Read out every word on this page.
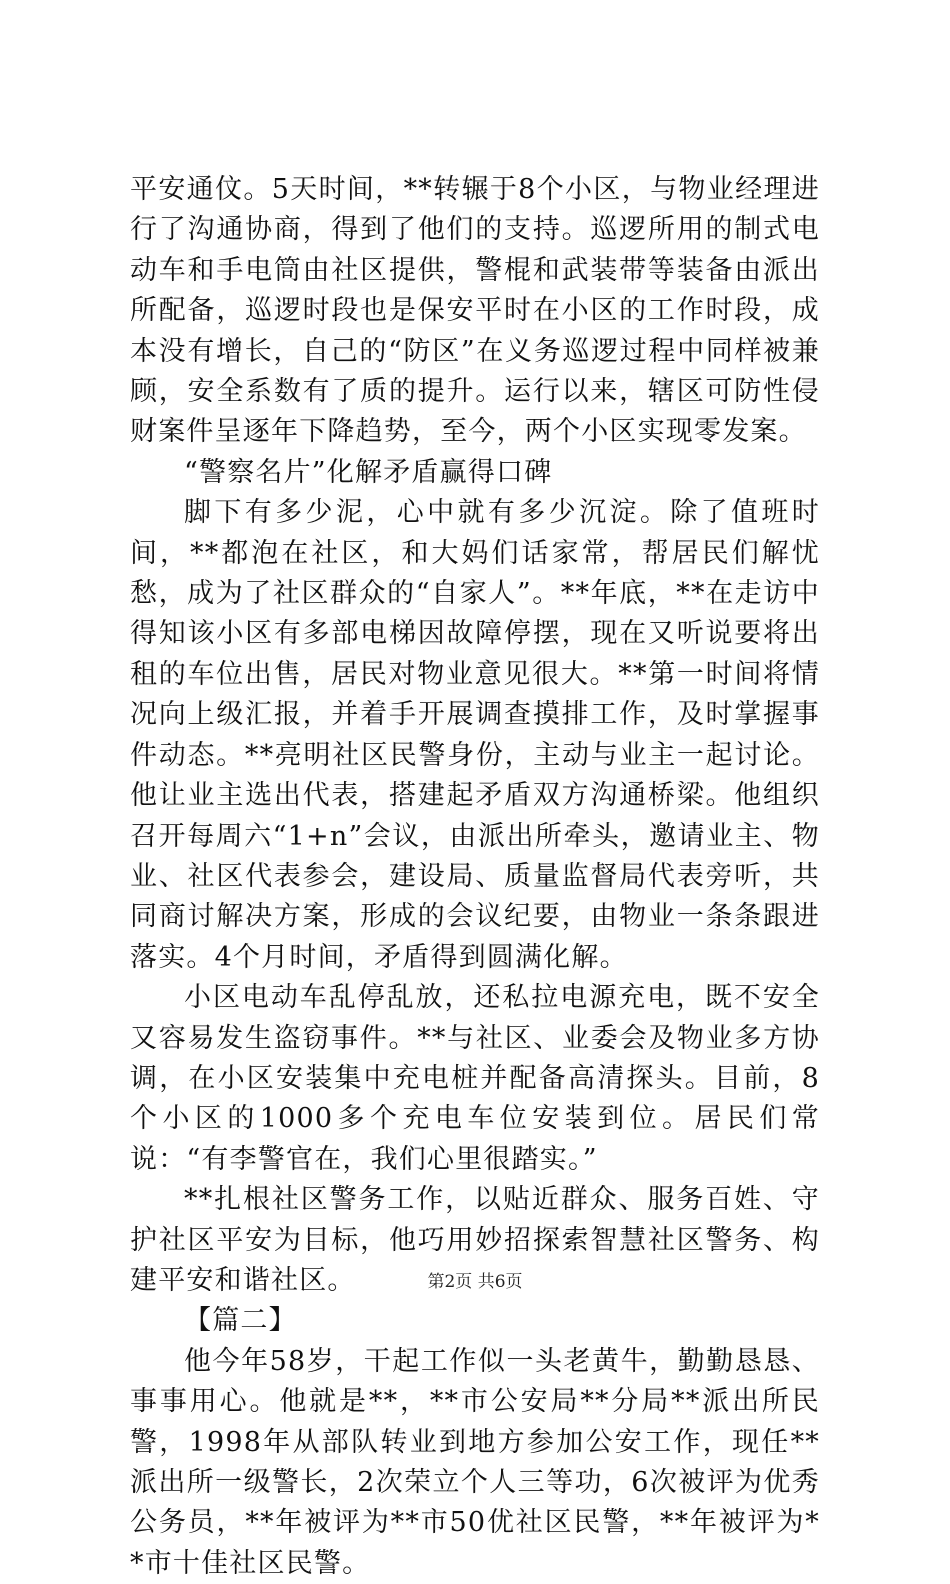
平安通伩。5天时间，**转辗于8个小区，与物业经理进行了沟通协商，得到了他们的支持。巡逻所用的制式电动车和手电筒由社区提供，警棍和武装带等装备由派出所配备，巡逻时段也是保安平时在小区的工作时段，成本没有增长，自己的“防区”在义务巡逻过程中同样被兼顾，安全系数有了质的提升。运行以来，辖区可防性侵财案件呈逐年下降趋势，至今，两个小区实现零发案。

“警察名片”化解矛盾赢得口碑

脚下有多少泥，心中就有多少沉淀。除了值班时间，**都泡在社区，和大妈们话家常，帮居民们解忧愁，成为了社区群众的“自家人”。**年底，**在走访中得知该小区有多部电梯因故障停摆，现在又听说要将出租的车位出售，居民对物业意见很大。**第一时间将情况向上级汇报，并着手开展调查摸排工作，及时掌握事件动态。**亮明社区民警身份，主动与业主一起讨论。他让业主选出代表，搭建起矛盾双方沟通桥梁。他组织召开每周六“1+n”会议，由派出所牵头，邀请业主、物业、社区代表参会，建设局、质量监督局代表旁听，共同商讨解决方案，形成的会议纪要，由物业一条条跟进落实。4个月时间，矛盾得到圆满化解。

小区电动车乱停乱放，还私拉电源充电，既不安全又容易发生盗窃事件。**与社区、业委会及物业多方协调，在小区安装集中充电桩并配备高清探头。目前，8个小区的1000多个充电车位安装到位。居民们常说：“有李警官在，我们心里很踏实。”

**扎根社区警务工作，以贴近群众、服务百姓、守护社区平安为目标，他巧用妙招探索智慧社区警务、构建平安和谐社区。

【篇二】

他今年58岁，干起工作似一头老黄牛，勤勤恳恳、事事用心。他就是**，**市公安局**分局**派出所民警，1998年从部队转业到地方参加公安工作，现任**派出所一级警长，2次荣立个人三等功，6次被评为优秀公务员，**年被评为**市50优社区民警，**年被评为**市十佳社区民警。

第2页 共6页
